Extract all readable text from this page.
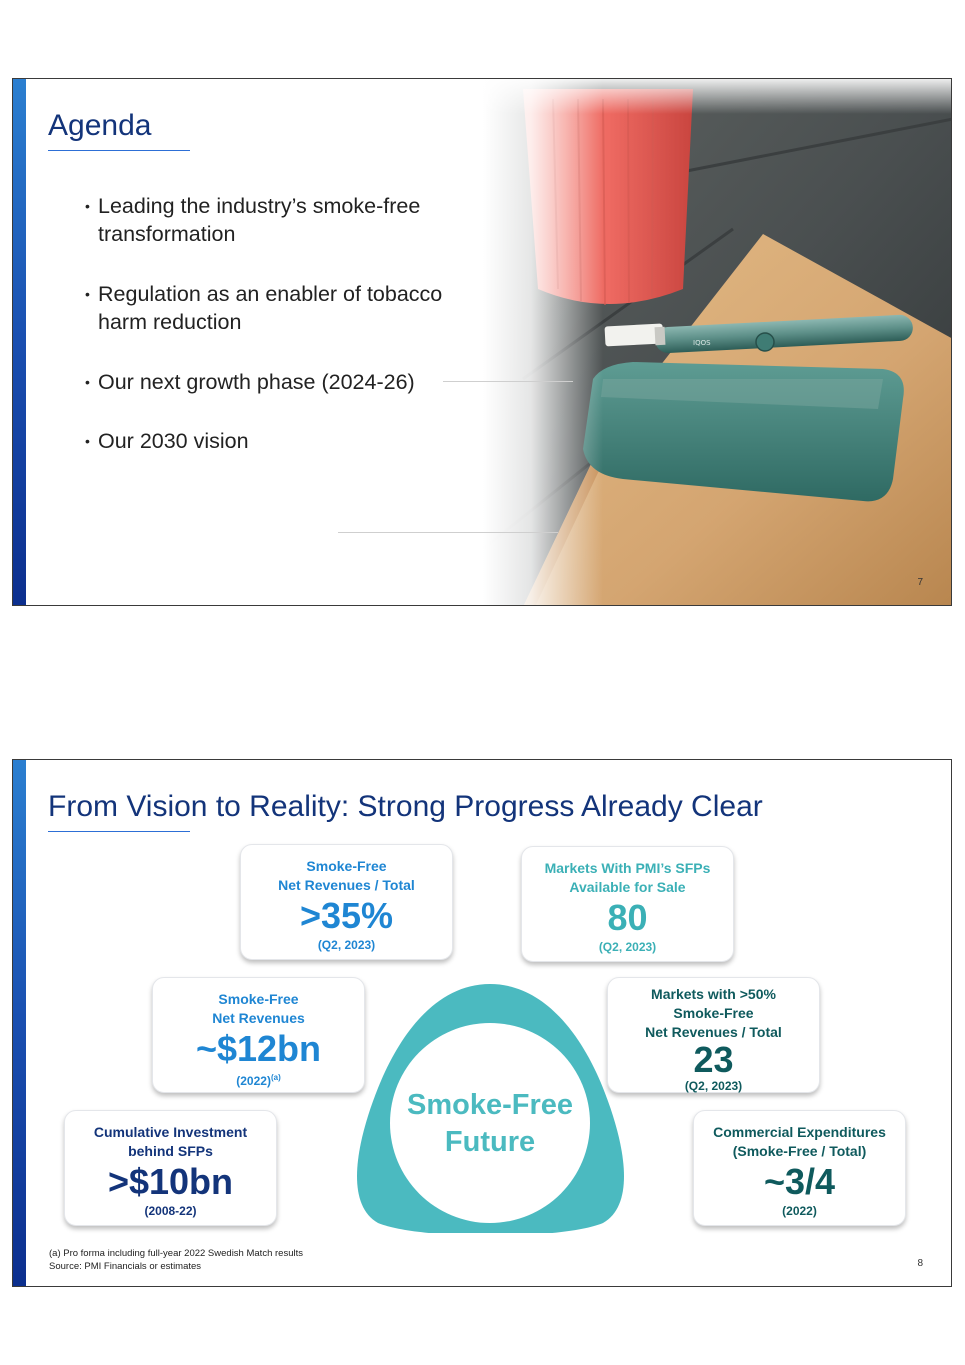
IQOS
Agenda
• Leading the industry’s smoke-free
transformation
• Regulation as an enabler of tobacco
harm reduction
• Our next growth phase (2024-26)
• Our 2030 vision
7
From Vision to Reality: Strong Progress Already Clear
Smoke-Free
Future
Smoke-Free
Net Revenues / Total
>35%
(Q2, 2023)
Markets With PMI’s SFPs
Available for Sale
80
(Q2, 2023)
Smoke-Free
Net Revenues
~$12bn
$(2022)^{(a)}$
Markets with >50%
Smoke-Free
Net Revenues / Total
23
(Q2, 2023)
Cumulative Investment
behind SFPs
>$10bn
(2008-22)
Commercial Expenditures
(Smoke-Free / Total)
~3/4
(2022)
(a) Pro forma including full-year 2022 Swedish Match results
Source: PMI Financials or estimates	8
